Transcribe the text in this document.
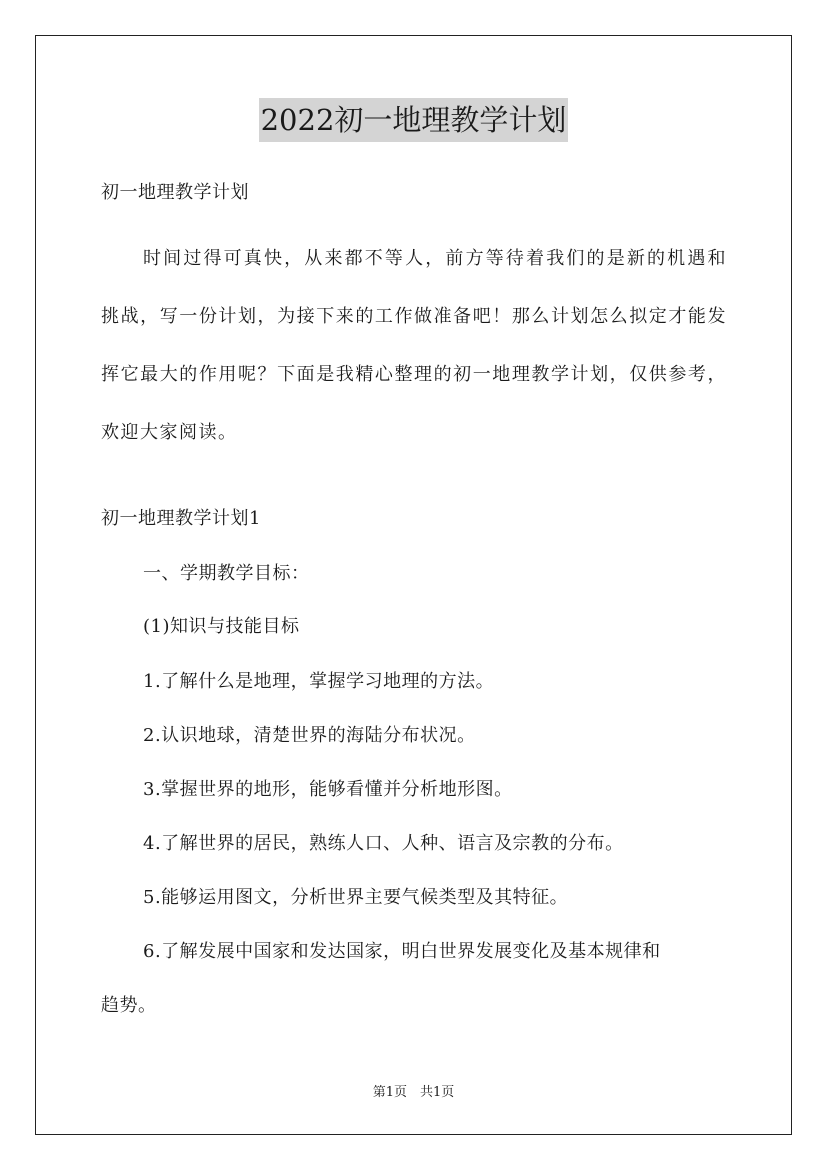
2022初一地理教学计划

初一地理教学计划

时间过得可真快，从来都不等人，前方等待着我们的是新的机遇和挑战，写一份计划，为接下来的工作做准备吧！那么计划怎么拟定才能发挥它最大的作用呢？下面是我精心整理的初一地理教学计划，仅供参考，欢迎大家阅读。

初一地理教学计划1

一、学期教学目标：

(1)知识与技能目标

1.了解什么是地理，掌握学习地理的方法。

2.认识地球，清楚世界的海陆分布状况。

3.掌握世界的地形，能够看懂并分析地形图。

4.了解世界的居民，熟练人口、人种、语言及宗教的分布。

5.能够运用图文，分析世界主要气候类型及其特征。

6.了解发展中国家和发达国家，明白世界发展变化及基本规律和

趋势。

第1页　共1页
